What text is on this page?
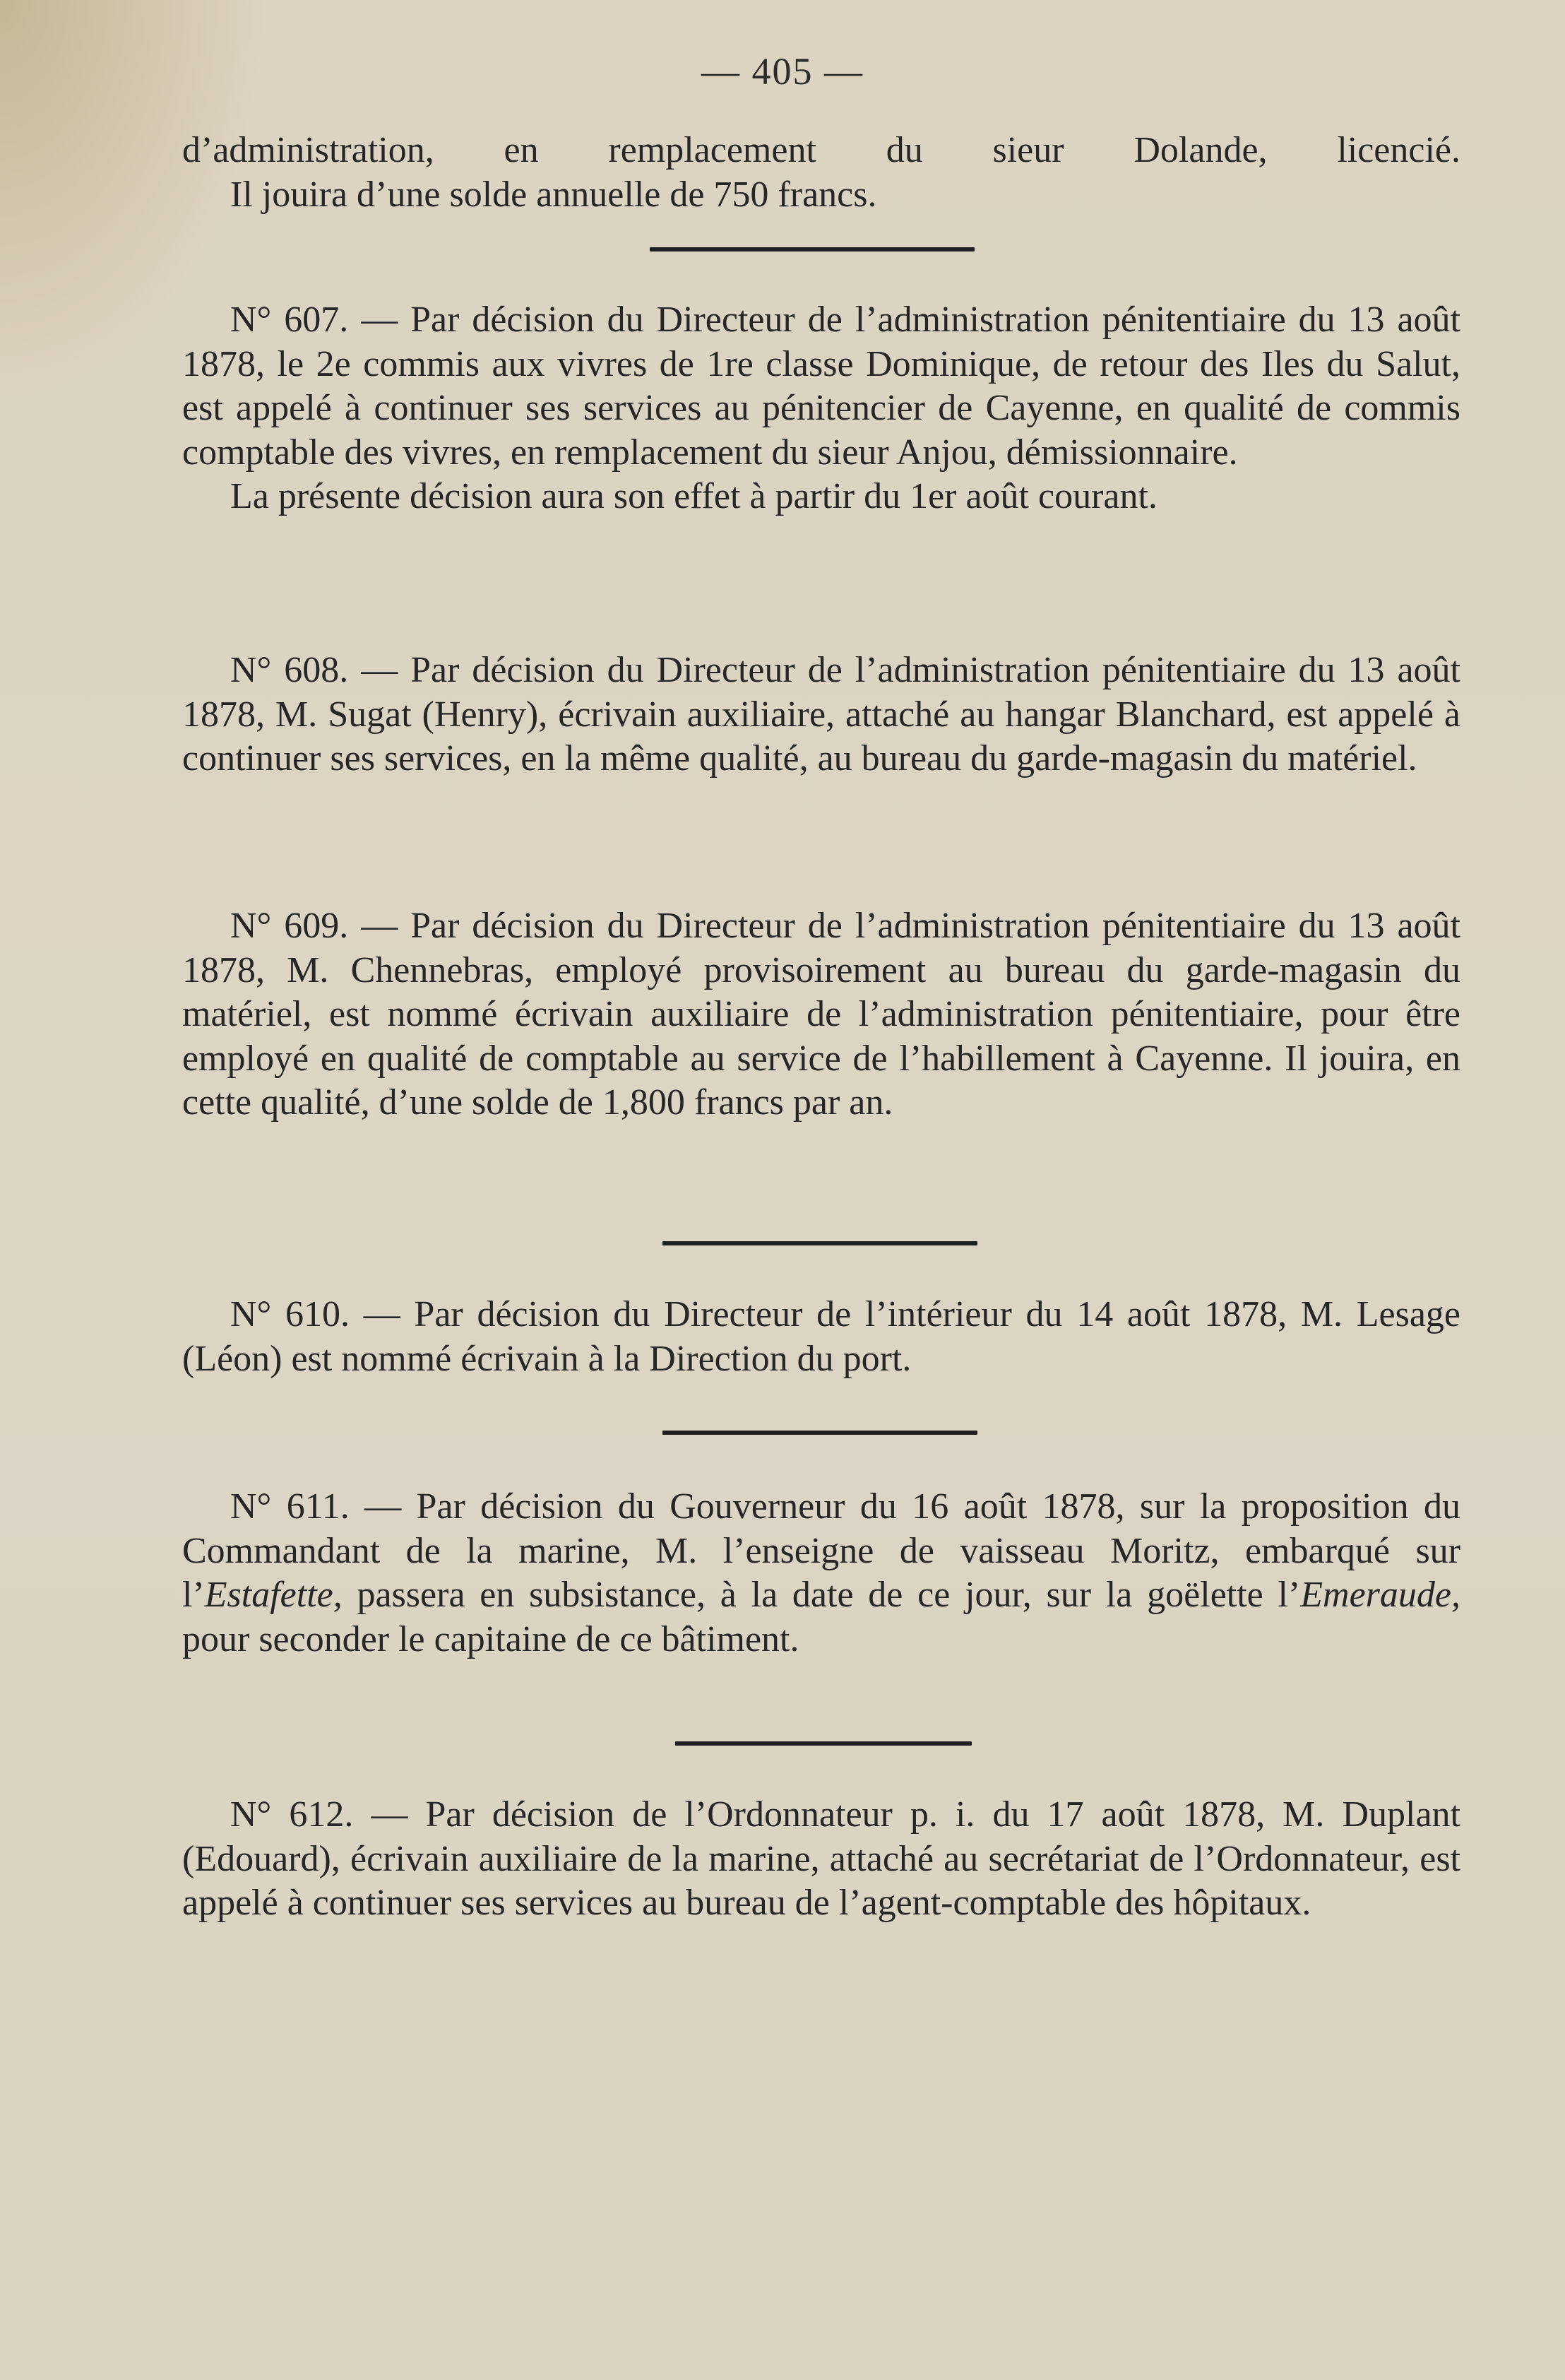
— 405 —

d’administration, en remplacement du sieur Dolande, licencié.

Il jouira d’une solde annuelle de 750 francs.

N° 607. — Par décision du Directeur de l’administration pénitentiaire du 13 août 1878, le 2e commis aux vivres de 1re classe Dominique, de retour des Iles du Salut, est appelé à continuer ses services au pénitencier de Cayenne, en qualité de commis comptable des vivres, en remplacement du sieur Anjou, démissionnaire.

La présente décision aura son effet à partir du 1er août courant.

N° 608. — Par décision du Directeur de l’administration pénitentiaire du 13 août 1878, M. Sugat (Henry), écrivain auxiliaire, attaché au hangar Blanchard, est appelé à continuer ses services, en la même qualité, au bureau du garde-magasin du matériel.

N° 609. — Par décision du Directeur de l’administration pénitentiaire du 13 août 1878, M. Chennebras, employé provisoirement au bureau du garde-magasin du matériel, est nommé écrivain auxiliaire de l’administration pénitentiaire, pour être employé en qualité de comptable au service de l’habillement à Cayenne. Il jouira, en cette qualité, d’une solde de 1,800 francs par an.

N° 610. — Par décision du Directeur de l’intérieur du 14 août 1878, M. Lesage (Léon) est nommé écrivain à la Direction du port.

N° 611. — Par décision du Gouverneur du 16 août 1878, sur la proposition du Commandant de la marine, M. l’enseigne de vaisseau Moritz, embarqué sur l’Estafette, passera en subsistance, à la date de ce jour, sur la goëlette l’Emeraude, pour seconder le capitaine de ce bâtiment.

N° 612. — Par décision de l’Ordonnateur p. i. du 17 août 1878, M. Duplant (Edouard), écrivain auxiliaire de la marine, attaché au secrétariat de l’Ordonnateur, est appelé à continuer ses services au bureau de l’agent-comptable des hôpitaux.
